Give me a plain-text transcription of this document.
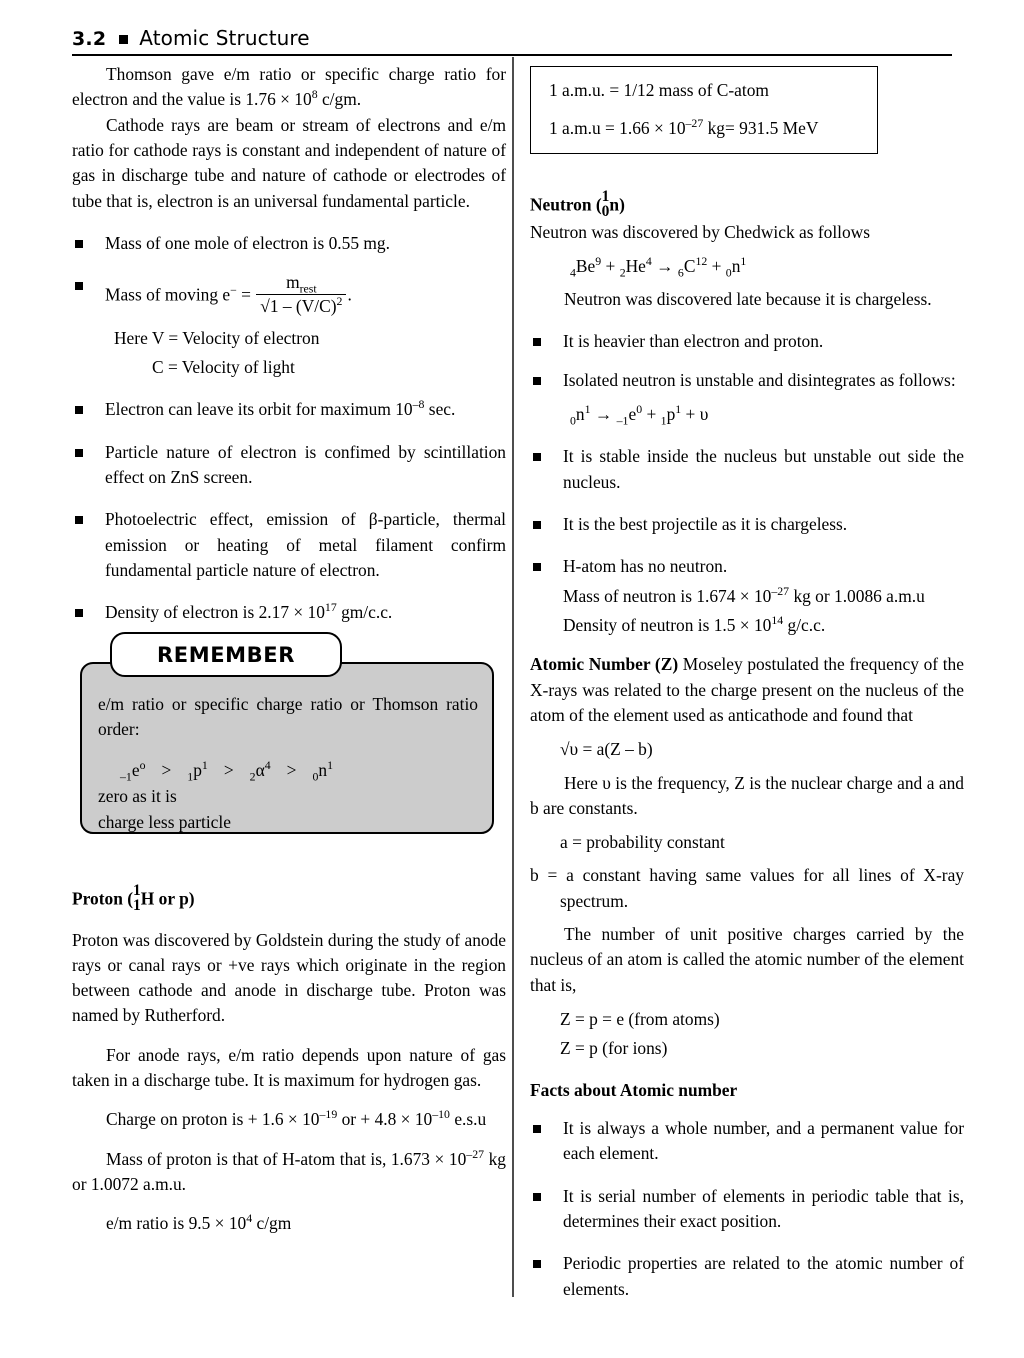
3.2 Atomic Structure

Thomson gave e/m ratio or specific charge ratio for electron and the value is $1.76 \times 10^8$ c/gm.

Cathode rays are beam or stream of electrons and e/m ratio for cathode rays is constant and independent of nature of gas in discharge tube and nature of cathode or electrodes of tube that is, electron is an universal fundamental particle.

Mass of one mole of electron is 0.55 mg.
Mass of moving $e^- = \frac{m_{rest}}{√1 - (V/C)^2}$ .

Here V = Velocity of electron

C = Velocity of light

Electron can leave its orbit for maximum $10^{-8}$ sec.
Particle nature of electron is confimed by scintillation effect on ZnS screen.
Photoelectric effect, emission of β-particle, thermal emission or heating of metal filament confirm fundamental particle nature of electron.
Density of electron is $2.17 \times 10^{17}$ gm/c.c.
REMEMBER

e/m ratio or specific charge ratio or Thomson ratio order:

$_{-1}e^o > _1p^1 > _2\alpha^4 > _0n^1$

zero as it is

charge less particle

Proton ( 1
1 H or p)

Proton was discovered by Goldstein during the study of anode rays or canal rays or +ve rays which originate in the region between cathode and anode in discharge tube. Proton was named by Rutherford.

For anode rays, e/m ratio depends upon nature of gas taken in a discharge tube. It is maximum for hydrogen gas.

Charge on proton is + $1.6 \times 10^{-19}$ or + $4.8 \times 10^{-10}$ e.s.u

Mass of proton is that of H-atom that is, $1.673 \times 10^{-27}$ kg or 1.0072 a.m.u.

e/m ratio is $9.5 \times 10^4$ c/gm

1 a.m.u. = 1/12 mass of C-atom
1 $a.m.u = 1.66 \times 10^{-27}$ kg= 931.5 MeV

Neutron ( 1
0 n)

Neutron was discovered by Chedwick as follows

$_4Be^9 + _2He^4 \to _6C^{12} + _0n^1$

Neutron was discovered late because it is chargeless.

It is heavier than electron and proton.
Isolated neutron is unstable and disintegrates as follows:

$_0n^1 \to _{-1}e^0 + _1p^1 + \upsilon$

It is stable inside the nucleus but unstable out side the nucleus.
It is the best projectile as it is chargeless.
H-atom has no neutron.
Mass of neutron is $1.674 \times 10^{-27}$ kg or 1.0086 a.m.u
Density of neutron is $1.5 \times 10^{14}$ g/c.c.

Atomic Number (Z) Moseley postulated the frequency of the X-rays was related to the charge present on the nucleus of the atom of the element used as anticathode and found that

√υ = a(Z – b)

Here υ is the frequency, Z is the nuclear charge and a and b are constants.

a = probability constant

b = a constant having same values for all lines of X-ray spectrum.

The number of unit positive charges carried by the nucleus of an atom is called the atomic number of the element that is,

Z = p = e (from atoms)

Z = p (for ions)

Facts about Atomic number

It is always a whole number, and a permanent value for each element.
It is serial number of elements in periodic table that is, determines their exact position.
Periodic properties are related to the atomic number of elements.
